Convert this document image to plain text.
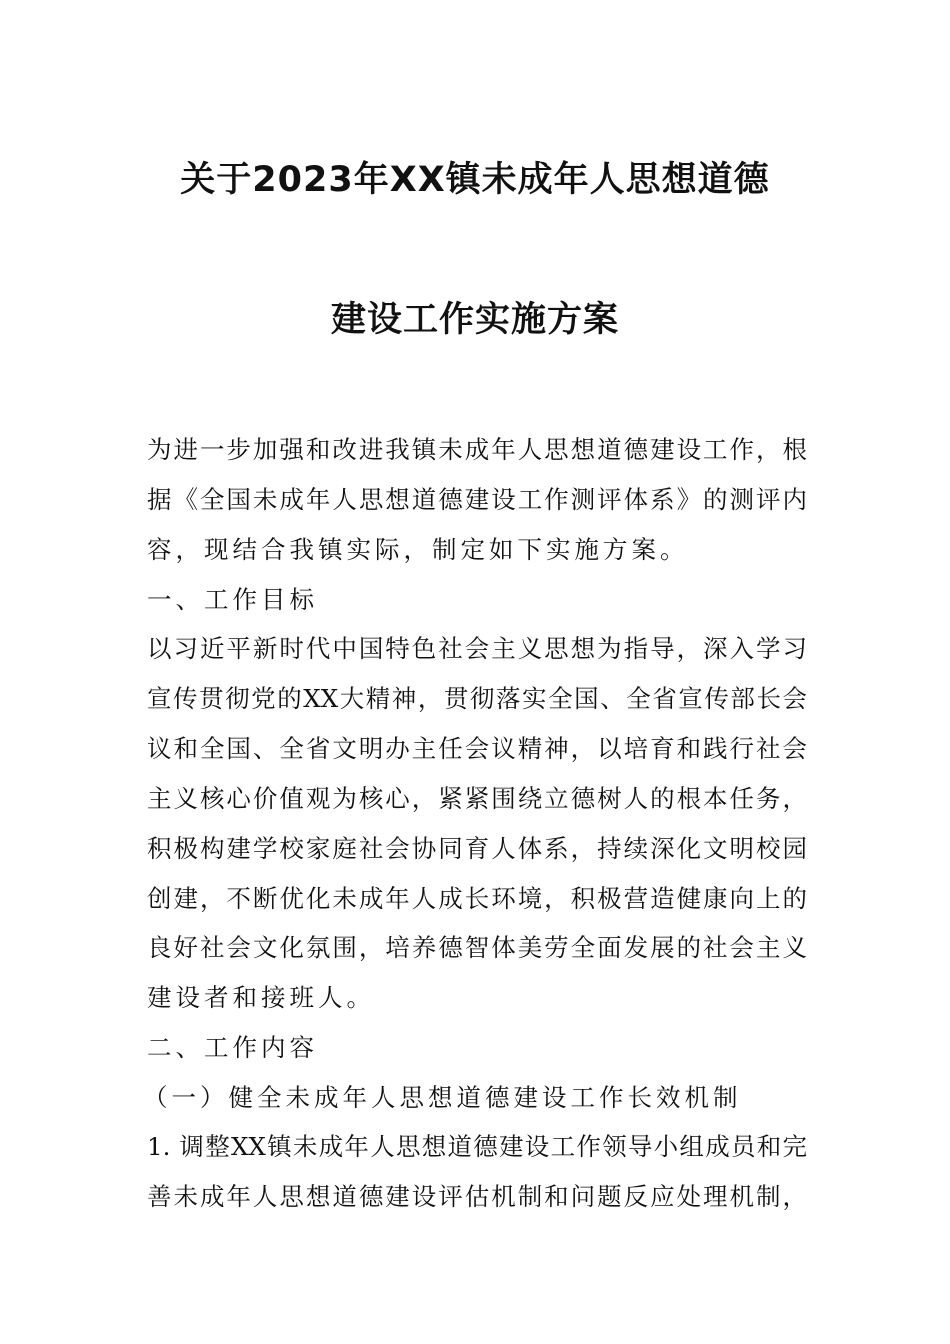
关于2023年XX镇未成年人思想道德
建设工作实施方案
为进一步加强和改进我镇未成年人思想道德建设工作，根
据《全国未成年人思想道德建设工作测评体系》的测评内
容，现结合我镇实际，制定如下实施方案。
一、工作目标
以习近平新时代中国特色社会主义思想为指导，深入学习
宣传贯彻党的XX大精神，贯彻落实全国、全省宣传部长会
议和全国、全省文明办主任会议精神，以培育和践行社会
主义核心价值观为核心，紧紧围绕立德树人的根本任务，
积极构建学校家庭社会协同育人体系，持续深化文明校园
创建，不断优化未成年人成长环境，积极营造健康向上的
良好社会文化氛围，培养德智体美劳全面发展的社会主义
建设者和接班人。
二、工作内容
（一）健全未成年人思想道德建设工作长效机制
1. 调整XX镇未成年人思想道德建设工作领导小组成员和完
善未成年人思想道德建设评估机制和问题反应处理机制，
